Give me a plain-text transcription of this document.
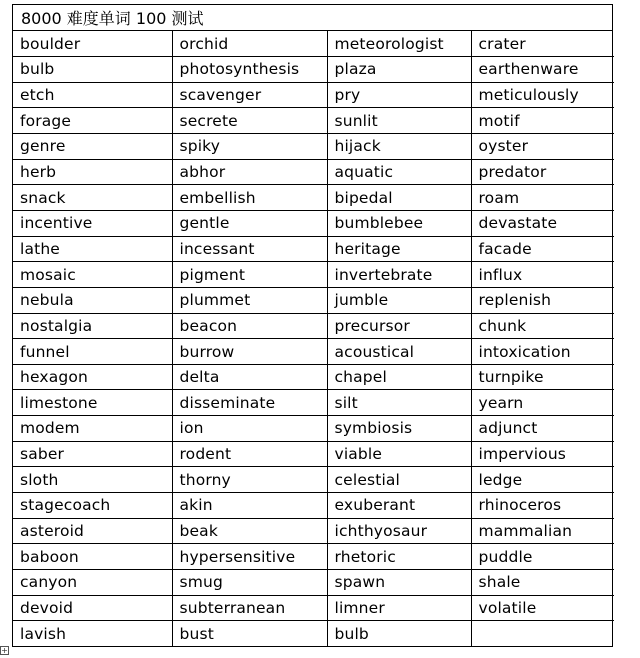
8000 难度单词 100 测试
boulder	orchid	meteorologist	crater
bulb	photosynthesis	plaza	earthenware
etch	scavenger	pry	meticulously
forage	secrete	sunlit	motif
genre	spiky	hijack	oyster
herb	abhor	aquatic	predator
snack	embellish	bipedal	roam
incentive	gentle	bumblebee	devastate
lathe	incessant	heritage	facade
mosaic	pigment	invertebrate	influx
nebula	plummet	jumble	replenish
nostalgia	beacon	precursor	chunk
funnel	burrow	acoustical	intoxication
hexagon	delta	chapel	turnpike
limestone	disseminate	silt	yearn
modem	ion	symbiosis	adjunct
saber	rodent	viable	impervious
sloth	thorny	celestial	ledge
stagecoach	akin	exuberant	rhinoceros
asteroid	beak	ichthyosaur	mammalian
baboon	hypersensitive	rhetoric	puddle
canyon	smug	spawn	shale
devoid	subterranean	limner	volatile
lavish	bust	bulb	
+
